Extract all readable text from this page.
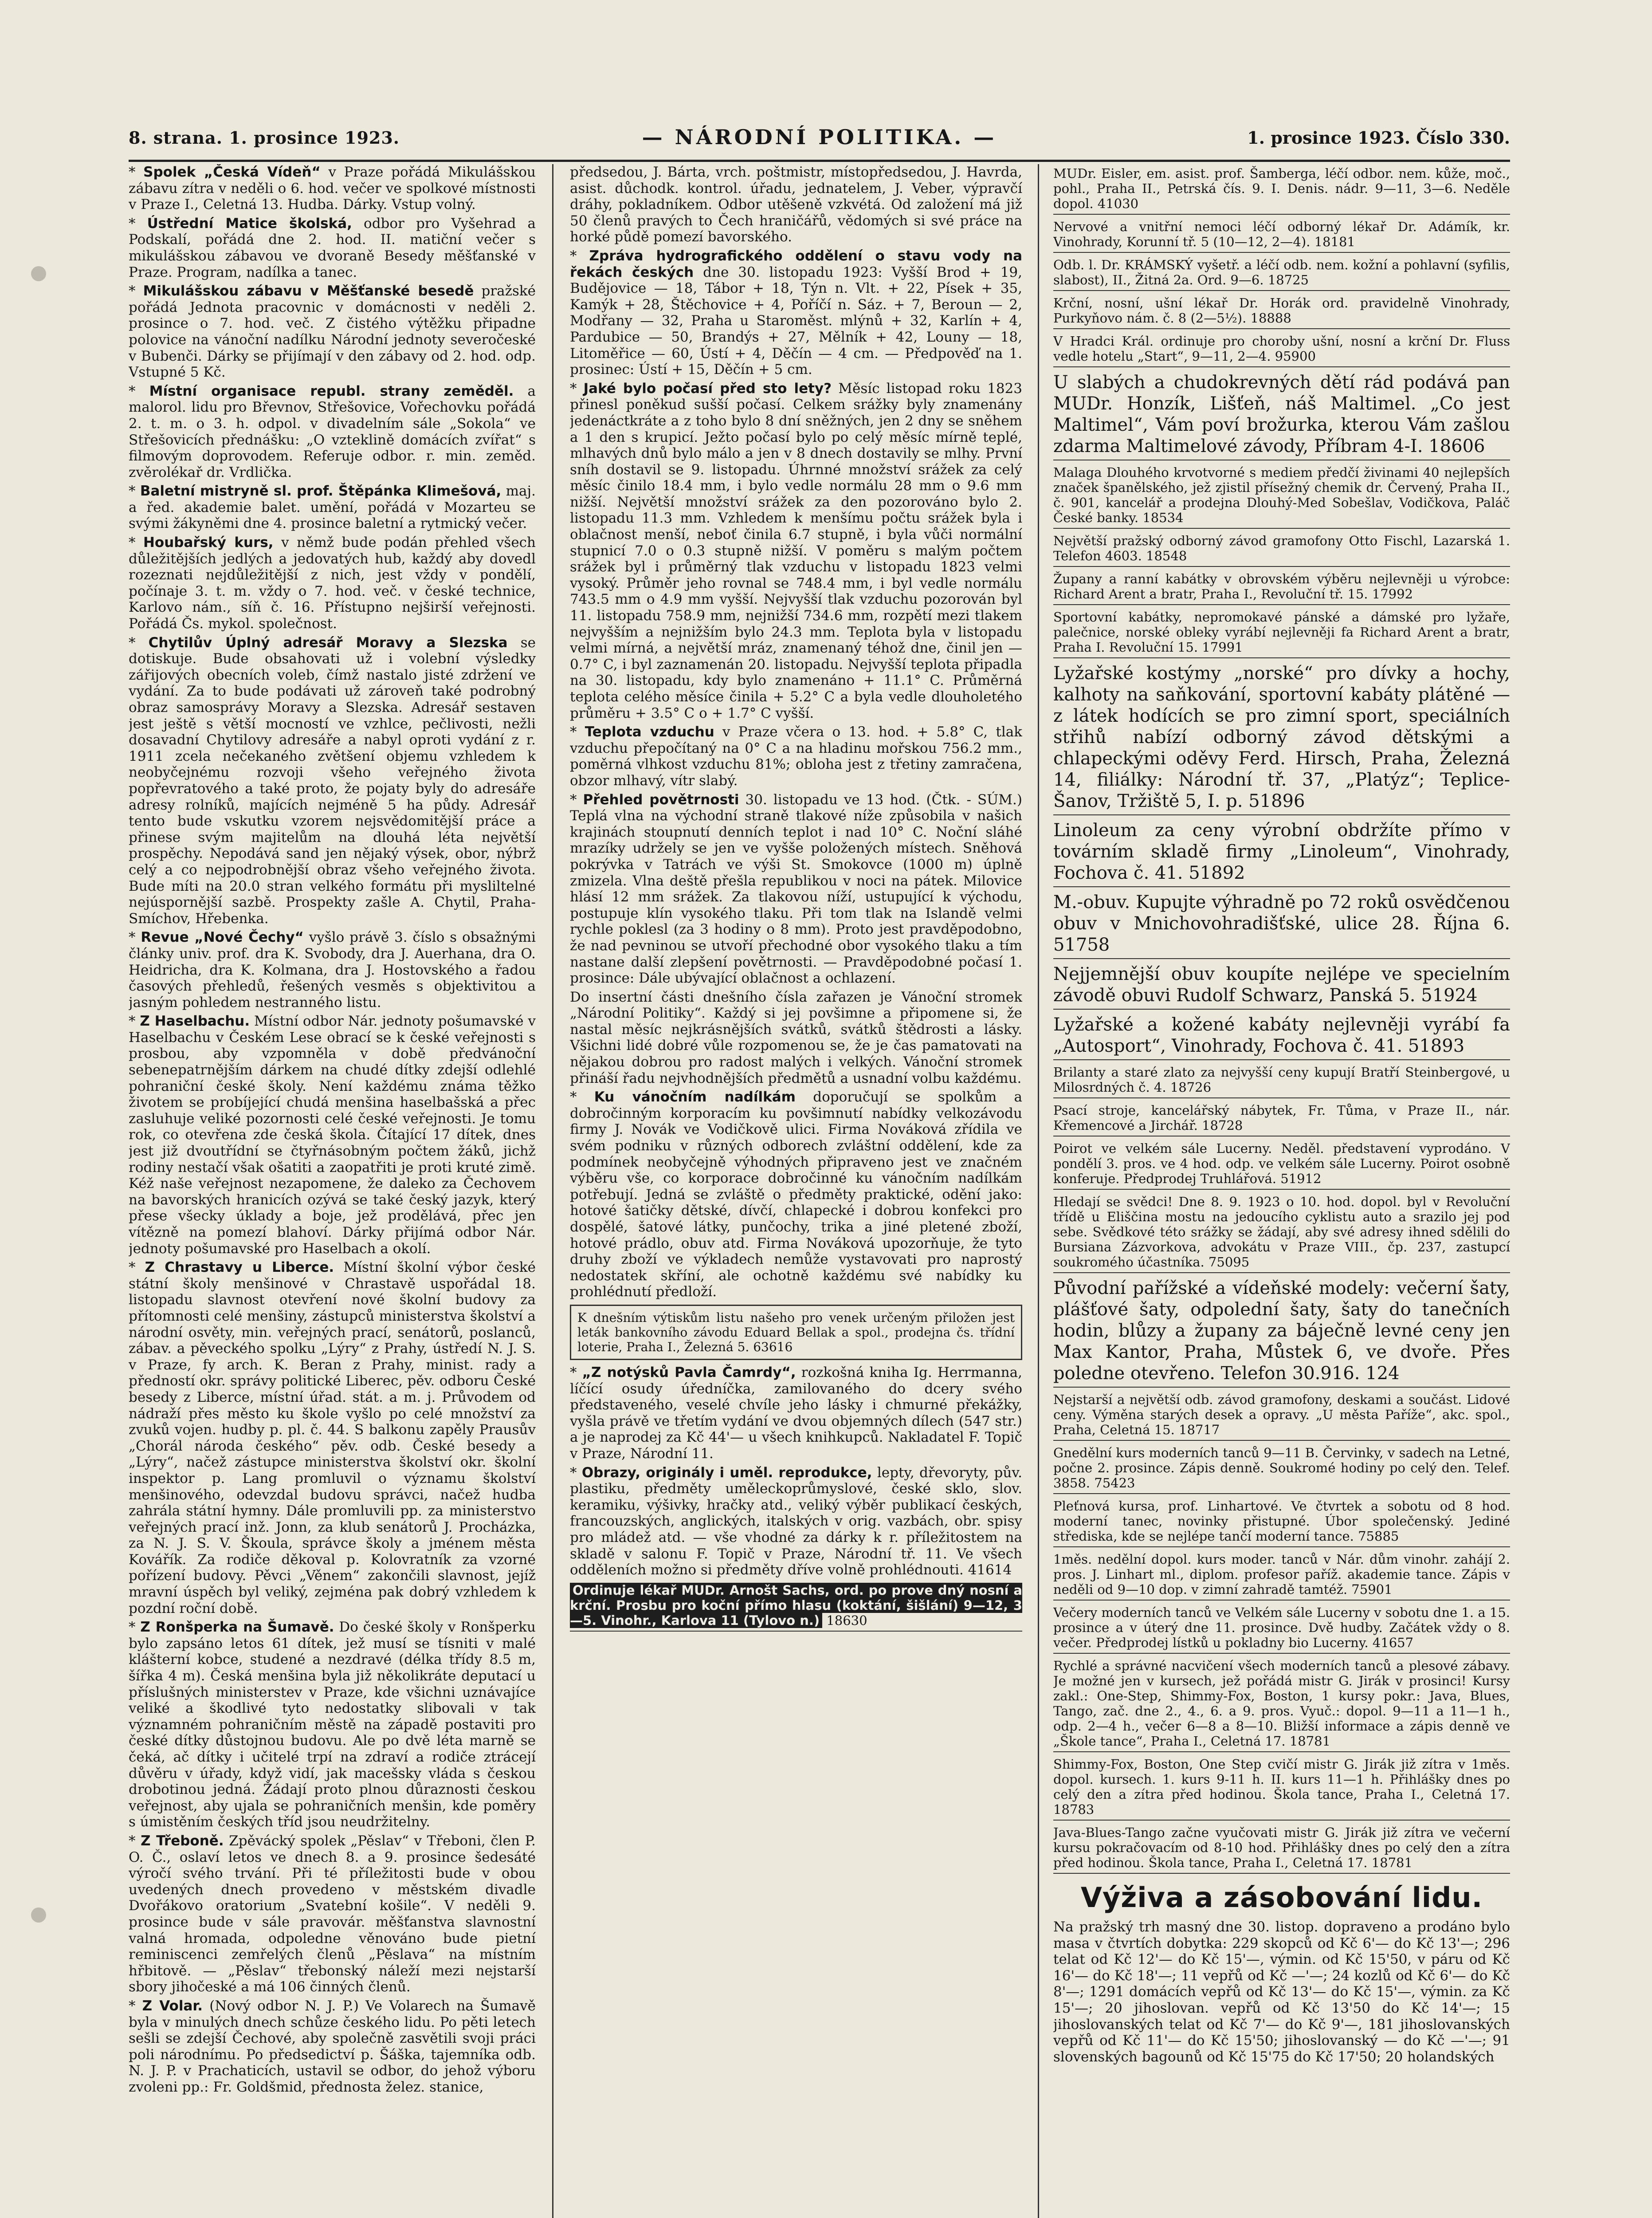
8. strana. 1. prosince 1923.	— NÁRODNÍ POLITIKA. —	1. prosince 1923. Číslo 330.

* Spolek „Česká Vídeň“ v Praze pořádá Mikulášskou zábavu zítra v neděli o 6. hod. večer ve spolkové místnosti v Praze I., Celetná 13. Hudba. Dárky. Vstup volný.

* Ústřední Matice školská, odbor pro Vyšehrad a Podskalí, pořádá dne 2. hod. II. matiční večer s mikulášskou zábavou ve dvoraně Besedy měšťanské v Praze. Program, nadílka a tanec.

* Mikulášskou zábavu v Měšťanské besedě pražské pořádá Jednota pracovnic v domácnosti v neděli 2. prosince o 7. hod. več. Z čistého výtěžku připadne polovice na vánoční nadílku Národní jednoty severočeské v Bubenči. Dárky se přijímají v den zábavy od 2. hod. odp. Vstupné 5 Kč.

* Místní organisace republ. strany zeměděl. a malorol. lidu pro Břevnov, Střešovice, Vořechovku pořádá 2. t. m. o 3. h. odpol. v divadelním sále „Sokola“ ve Střešovicích přednášku: „O vzteklině domácích zvířat“ s filmovým doprovodem. Referuje odbor. r. min. zeměd. zvěrolékař dr. Vrdlička.

* Baletní mistryně sl. prof. Štěpánka Klimešová, maj. a řed. akademie balet. umění, pořádá v Mozarteu se svými žákyněmi dne 4. prosince baletní a rytmický večer.

* Houbařský kurs, v němž bude podán přehled všech důležitějších jedlých a jedovatých hub, každý aby dovedl rozeznati nejdůležitější z nich, jest vždy v pondělí, počínaje 3. t. m. vždy o 7. hod. več. v české technice, Karlovo nám., síň č. 16. Přístupno nejširší veřejnosti. Pořádá Čs. mykol. společnost.

* Chytilův Úplný adresář Moravy a Slezska se dotiskuje. Bude obsahovati už i volební výsledky zářijových obecních voleb, čímž nastalo jisté zdržení ve vydání. Za to bude podávati už zároveň také podrobný obraz samosprávy Moravy a Slezska. Adresář sestaven jest ještě s větší mocností ve vzhlce, pečlivosti, nežli dosavadní Chytilovy adresáře a nabyl oproti vydání z r. 1911 zcela nečekaného zvětšení objemu vzhledem k neobyčejnému rozvoji všeho veřejného života popřevratového a také proto, že pojaty byly do adresáře adresy rolníků, majících nejméně 5 ha půdy. Adresář tento bude vskutku vzorem nejsvědomitější práce a přinese svým majitelům na dlouhá léta největší prospěchy. Nepodává sand jen nějaký výsek, obor, nýbrž celý a co nejpodrobnější obraz všeho veřejného života. Bude míti na 20.0 stran velkého formátu při mysliltelné nejúspornější sazbě. Prospekty zašle A. Chytil, Praha-Smíchov, Hřebenka.

* Revue „Nové Čechy“ vyšlo právě 3. číslo s obsažnými články univ. prof. dra K. Svobody, dra J. Auerhana, dra O. Heidricha, dra K. Kolmana, dra J. Hostovského a řadou časových přehledů, řešených vesměs s objektivitou a jasným pohledem nestranného listu.

* Z Haselbachu. Místní odbor Nár. jednoty pošumavské v Haselbachu v Českém Lese obrací se k české veřejnosti s prosbou, aby vzpomněla v době předvánoční sebenepatrnějším dárkem na chudé dítky zdejší odlehlé pohraniční české školy. Není každému známa těžko životem se probíjející chudá menšina haselbašská a přec zasluhuje veliké pozornosti celé české veřejnosti. Je tomu rok, co otevřena zde česká škola. Čítající 17 dítek, dnes jest již dvoutřídní se čtyřnásobným počtem žáků, jichž rodiny nestačí však ošatiti a zaopatřiti je proti kruté zimě. Kéž naše veřejnost nezapomene, že daleko za Čechovem na bavorských hranicích ozývá se také český jazyk, který přese všecky úklady a boje, jež prodělává, přec jen vítězně na pomezí blahoví. Dárky přijímá odbor Nár. jednoty pošumavské pro Haselbach a okolí.

* Z Chrastavy u Liberce. Místní školní výbor české státní školy menšinové v Chrastavě uspořádal 18. listopadu slavnost otevření nové školní budovy za přítomnosti celé menšiny, zástupců ministerstva školství a národní osvěty, min. veřejných prací, senátorů, poslanců, zábav. a pěveckého spolku „Lýry“ z Prahy, ústředí N. J. S. v Praze, fy arch. K. Beran z Prahy, minist. rady a předností okr. správy politické Liberec, pěv. odboru České besedy z Liberce, místní úřad. stát. a m. j. Průvodem od nádraží přes město ku škole vyšlo po celé množství za zvuků vojen. hudby p. pl. č. 44. S balkonu zapěly Prausův „Chorál národa českého“ pěv. odb. České besedy a „Lýry“, načež zástupce ministerstva školství okr. školní inspektor p. Lang promluvil o významu školství menšinového, odevzdal budovu správci, načež hudba zahrála státní hymny. Dále promluvili pp. za ministerstvo veřejných prací inž. Jonn, za klub senátorů J. Procházka, za N. J. S. V. Škoula, správce školy a jménem města Kovářík. Za rodiče děkoval p. Kolovratník za vzorné pořízení budovy. Pěvci „Věnem“ zakončili slavnost, jejíž mravní úspěch byl veliký, zejména pak dobrý vzhledem k pozdní roční době.

* Z Ronšperka na Šumavě. Do české školy v Ronšperku bylo zapsáno letos 61 dítek, jež musí se tísniti v malé klášterní kobce, studené a nezdravé (délka třídy 8.5 m, šířka 4 m). Česká menšina byla již několikráte deputací u příslušných ministerstev v Praze, kde všichni uznávajíce veliké a škodlivé tyto nedostatky slibovali v tak významném pohraničním městě na západě postaviti pro české dítky důstojnou budovu. Ale po dvě léta marně se čeká, ač dítky i učitelé trpí na zdraví a rodiče ztrácejí důvěru v úřady, když vidí, jak macešsky vláda s českou drobotinou jedná. Žádají proto plnou důraznosti českou veřejnost, aby ujala se pohraničních menšin, kde poměry s úmistěním českých tříd jsou neudržitelny.

* Z Třeboně. Zpěvácký spolek „Pěslav“ v Třeboni, člen P. O. Č., oslaví letos ve dnech 8. a 9. prosince šedesáté výročí svého trvání. Při té příležitosti bude v obou uvedených dnech provedeno v městském divadle Dvořákovo oratorium „Svatební košile“. V neděli 9. prosince bude v sále pravovár. měšťanstva slavnostní valná hromada, odpoledne věnováno bude pietní reminiscenci zemřelých členů „Pěslava“ na místním hřbitově. — „Pěslav“ třebonský náleží mezi nejstarší sbory jihočeské a má 106 činných členů.

* Z Volar. (Nový odbor N. J. P.) Ve Volarech na Šumavě byla v minulých dnech schůze českého lidu. Po pěti letech sešli se zdejší Čechové, aby společně zasvětili svoji práci poli národnímu. Po předsedictví p. Šáška, tajemníka odb. N. J. P. v Prachaticích, ustavil se odbor, do jehož výboru zvoleni pp.: Fr. Goldšmid, přednosta želez. stanice,

předsedou, J. Bárta, vrch. poštmistr, místopředsedou, J. Havrda, asist. důchodk. kontrol. úřadu, jednatelem, J. Veber, výpravčí dráhy, pokladníkem. Odbor utěšeně vzkvétá. Od založení má již 50 členů pravých to Čech hraničářů, vědomých si své práce na horké půdě pomezí bavorského.

* Zpráva hydrografického oddělení o stavu vody na řekách českých dne 30. listopadu 1923: Vyšší Brod + 19, Budějovice — 18, Tábor + 18, Týn n. Vlt. + 22, Písek + 35, Kamýk + 28, Štěchovice + 4, Poříčí n. Sáz. + 7, Beroun — 2, Modřany — 32, Praha u Staroměst. mlýnů + 32, Karlín + 4, Pardubice — 50, Brandýs + 27, Mělník + 42, Louny — 18, Litoměřice — 60, Ústí + 4, Děčín — 4 cm. — Předpověď na 1. prosinec: Ústí + 15, Děčín + 5 cm.

* Jaké bylo počasí před sto lety? Měsíc listopad roku 1823 přinesl poněkud sušší počasí. Celkem srážky byly znamenány jedenáctkráte a z toho bylo 8 dní sněžných, jen 2 dny se sněhem a 1 den s krupicí. Ježto počasí bylo po celý měsíc mírně teplé, mlhavých dnů bylo málo a jen v 8 dnech dostavily se mlhy. První sníh dostavil se 9. listopadu. Úhrnné množství srážek za celý měsíc činilo 18.4 mm, i bylo vedle normálu 28 mm o 9.6 mm nižší. Největší množství srážek za den pozorováno bylo 2. listopadu 11.3 mm. Vzhledem k menšímu počtu srážek byla i oblačnost menší, neboť činila 6.7 stupně, i byla vůči normální stupnicí 7.0 o 0.3 stupně nižší. V poměru s malým počtem srážek byl i průměrný tlak vzduchu v listopadu 1823 velmi vysoký. Průměr jeho rovnal se 748.4 mm, i byl vedle normálu 743.5 mm o 4.9 mm vyšší. Nejvyšší tlak vzduchu pozorován byl 11. listopadu 758.9 mm, nejnižší 734.6 mm, rozpětí mezi tlakem nejvyšším a nejnižším bylo 24.3 mm. Teplota byla v listopadu velmi mírná, a největší mráz, znamenaný téhož dne, činil jen — 0.7° C, i byl zaznamenán 20. listopadu. Nejvyšší teplota připadla na 30. listopadu, kdy bylo znamenáno + 11.1° C. Průměrná teplota celého měsíce činila + 5.2° C a byla vedle dlouholetého průměru + 3.5° C o + 1.7° C vyšší.

* Teplota vzduchu v Praze včera o 13. hod. + 5.8° C, tlak vzduchu přepočítaný na 0° C a na hladinu mořskou 756.2 mm., poměrná vlhkost vzduchu 81%; obloha jest z třetiny zamračena, obzor mlhavý, vítr slabý.

* Přehled povětrnosti 30. listopadu ve 13 hod. (Čtk. - SÚM.) Teplá vlna na východní straně tlakové níže způsobila v našich krajinách stoupnutí denních teplot i nad 10° C. Noční sláhé mrazíky udržely se jen ve vyšše položených místech. Sněhová pokrývka v Tatrách ve výši St. Smokovce (1000 m) úplně zmizela. Vlna deště přešla republikou v noci na pátek. Milovice hlásí 12 mm srážek. Za tlakovou níží, ustupující k východu, postupuje klín vysokého tlaku. Při tom tlak na Islandě velmi rychle poklesl (za 3 hodiny o 8 mm). Proto jest pravděpodobno, že nad pevninou se utvoří přechodné obor vysokého tlaku a tím nastane další zlepšení povětrnosti. — Pravděpodobné počasí 1. prosince: Dále ubývající oblačnost a ochlazení.

Do insertní části dnešního čísla zařazen je Vánoční stromek „Národní Politiky“. Každý si jej povšimne a připomene si, že nastal měsíc nejkrásnějších svátků, svátků štědrosti a lásky. Všichni lidé dobré vůle rozpomenou se, že je čas pamatovati na nějakou dobrou pro radost malých i velkých. Vánoční stromek přináší řadu nejvhodnějších předmětů a usnadní volbu každému.

* Ku vánočním nadílkám doporučují se spolkům a dobročinným korporacím ku povšimnutí nabídky velkozávodu firmy J. Novák ve Vodičkově ulici. Firma Nováková zřídila ve svém podniku v různých odborech zvláštní oddělení, kde za podmínek neobyčejně výhodných připraveno jest ve značném výběru vše, co korporace dobročinné ku vánočním nadílkám potřebují. Jedná se zvláště o předměty praktické, odění jako: hotové šatičky dětské, dívčí, chlapecké i dobrou konfekci pro dospělé, šatové látky, punčochy, trika a jiné pletené zboží, hotové prádlo, obuv atd. Firma Nováková upozorňuje, že tyto druhy zboží ve výkladech nemůže vystavovati pro naprostý nedostatek skříní, ale ochotně každému své nabídky ku prohlédnutí předloží.

K dnešním výtiskům listu našeho pro venek určeným přiložen jest leták bankovního závodu Eduard Bellak a spol., prodejna čs. třídní loterie, Praha I., Železná 5. 63616

* „Z notýsků Pavla Čamrdy“, rozkošná kniha Ig. Herrmanna, líčící osudy úředníčka, zamilovaného do dcery svého představeného, veselé chvíle jeho lásky i chmurné překážky, vyšla právě ve třetím vydání ve dvou objemných dílech (547 str.) a je naprodej za Kč 44'— u všech knihkupců. Nakladatel F. Topič v Praze, Národní 11.

* Obrazy, originály i uměl. reprodukce, lepty, dřevoryty, pův. plastiku, předměty uměleckoprůmyslové, české sklo, slov. keramiku, výšivky, hračky atd., veliký výběr publikací českých, francouzských, anglických, italských v orig. vazbách, obr. spisy pro mládež atd. — vše vhodné za dárky k r. příležitostem na skladě v salonu F. Topič v Praze, Národní tř. 11. Ve všech odděleních možno si předměty dříve volně prohlédnouti. 41614

Ordinuje lékař MUDr. Arnošt Sachs, ord. po prove dný nosní a krční. Prosbu pro koční přímo hlasu (koktání, šišlání) 9—12, 3—5. Vinohr., Karlova 11 (Tylovo n.) 18630
MUDr. Eisler, em. asist. prof. Šamberga, léčí odbor. nem. kůže, moč., pohl., Praha II., Petrská čís. 9. I. Denis. nádr. 9—11, 3—6. Neděle dopol. 41030
Nervové a vnitřní nemoci léčí odborný lékař Dr. Adámík, kr. Vinohrady, Korunní tř. 5 (10—12, 2—4). 18181
Odb. l. Dr. KRÁMSKÝ vyšetř. a léčí odb. nem. kožní a pohlavní (syfilis, slabost), II., Žitná 2a. Ord. 9—6. 18725
Krční, nosní, ušní lékař Dr. Horák ord. pravidelně Vinohrady, Purkyňovo nám. č. 8 (2—5½). 18888
V Hradci Král. ordinuje pro choroby ušní, nosní a krční Dr. Fluss vedle hotelu „Start“, 9—11, 2—4. 95900
U slabých a chudokrevných dětí rád podává pan MUDr. Honzík, Lišťeň, náš Maltimel. „Co jest Maltimel“, Vám poví brožurka, kterou Vám zašlou zdarma Maltimelové závody, Příbram 4-I. 18606
Malaga Dlouhého krvotvorné s mediem předčí živinami 40 nejlepších značek španělského, jež zjistil přísežný chemik dr. Červený, Praha II., č. 901, kancelář a prodejna Dlouhý-Med Sobešlav, Vodičkova, Paláč České banky. 18534
Největší pražský odborný závod gramofony Otto Fischl, Lazarská 1. Telefon 4603. 18548
Župany a ranní kabátky v obrovském výběru nejlevněji u výrobce: Richard Arent a bratr, Praha I., Revoluční tř. 15. 17992
Sportovní kabátky, nepromokavé pánské a dámské pro lyžaře, palečnice, norské obleky vyrábí nejlevněji fa Richard Arent a bratr, Praha I. Revoluční 15. 17991
Lyžařské kostýmy „norské“ pro dívky a hochy, kalhoty na saňkování, sportovní kabáty plátěné — z látek hodících se pro zimní sport, speciálních střihů nabízí odborný závod dětskými a chlapeckými oděvy Ferd. Hirsch, Praha, Železná 14, filiálky: Národní tř. 37, „Platýz“; Teplice-Šanov, Tržiště 5, I. p. 51896
Linoleum za ceny výrobní obdržíte přímo v továrním skladě firmy „Linoleum“, Vinohrady, Fochova č. 41. 51892
M.-obuv. Kupujte výhradně po 72 roků osvědčenou obuv v Mnichovohradišťské, ulice 28. Října 6. 51758
Nejjemnější obuv koupíte nejlépe ve specielním závodě obuvi Rudolf Schwarz, Panská 5. 51924
Lyžařské a kožené kabáty nejlevněji vyrábí fa „Autosport“, Vinohrady, Fochova č. 41. 51893
Brilanty a staré zlato za nejvyšší ceny kupují Bratří Steinbergové, u Milosrdných č. 4. 18726
Psací stroje, kancelářský nábytek, Fr. Tůma, v Praze II., nár. Křemencové a Jirchář. 18728
Poirot ve velkém sále Lucerny. Neděl. představení vyprodáno. V pondělí 3. pros. ve 4 hod. odp. ve velkém sále Lucerny. Poirot osobně konferuje. Předprodej Truhlářová. 51912
Hledají se svědci! Dne 8. 9. 1923 o 10. hod. dopol. byl v Revoluční třídě u Eliščina mostu na jedoucího cyklistu auto a srazilo jej pod sebe. Svědkové této srážky se žádají, aby své adresy ihned sdělili do Bursiana Zázvorkova, advokátu v Praze VIII., čp. 237, zastupcí soukromého účastníka. 75095
Původní pařížské a vídeňské modely: večerní šaty, plášťové šaty, odpolední šaty, šaty do tanečních hodin, blůzy a župany za báječně levné ceny jen Max Kantor, Praha, Můstek 6, ve dvoře. Přes poledne otevřeno. Telefon 30.916. 124
Nejstarší a největší odb. závod gramofony, deskami a součást. Lidové ceny. Výměna starých desek a opravy. „U města Paříže“, akc. spol., Praha, Celetná 15. 18717
Gnedělní kurs moderních tanců 9—11 B. Červinky, v sadech na Letné, počne 2. prosince. Zápis denně. Soukromé hodiny po celý den. Telef. 3858. 75423
Pleťnová kursa, prof. Linhartové. Ve čtvrtek a sobotu od 8 hod. moderní tanec, novinky přistupné. Úbor společenský. Jediné střediska, kde se nejlépe tančí moderní tance. 75885
1měs. nedělní dopol. kurs moder. tanců v Nár. dům vinohr. zahájí 2. pros. J. Linhart ml., diplom. profesor paříž. akademie tance. Zápis v neděli od 9—10 dop. v zimní zahradě tamtéž. 75901
Večery moderních tanců ve Velkém sále Lucerny v sobotu dne 1. a 15. prosince a v úterý dne 11. prosince. Dvě hudby. Začátek vždy o 8. večer. Předprodej lístků u pokladny bio Lucerny. 41657
Rychlé a správné nacvičení všech moderních tanců a plesové zábavy. Je možné jen v kursech, jež pořádá mistr G. Jirák v prosinci! Kursy zakl.: One-Step, Shimmy-Fox, Boston, 1 kursy pokr.: Java, Blues, Tango, zač. dne 2., 4., 6. a 9. pros. Vyuč.: dopol. 9—11 a 11—1 h., odp. 2—4 h., večer 6—8 a 8—10. Bližší informace a zápis denně ve „Škole tance“, Praha I., Celetná 17. 18781
Shimmy-Fox, Boston, One Step cvičí mistr G. Jirák již zítra v 1měs. dopol. kursech. 1. kurs 9-11 h. II. kurs 11—1 h. Přihlášky dnes po celý den a zítra před hodinou. Škola tance, Praha I., Celetná 17. 18783
Java-Blues-Tango začne vyučovati mistr G. Jirák již zítra ve večerní kursu pokračovacím od 8-10 hod. Přihlášky dnes po celý den a zítra před hodinou. Škola tance, Praha I., Celetná 17. 18781
Výživa a zásobování lidu.

Na pražský trh masný dne 30. listop. dopraveno a prodáno bylo masa v čtvrtích dobytka: 229 skopců od Kč 6'— do Kč 13'—; 296 telat od Kč 12'— do Kč 15'—, výmin. od Kč 15'50, v páru od Kč 16'— do Kč 18'—; 11 vepřů od Kč —'—; 24 kozlů od Kč 6'— do Kč 8'—; 1291 domácích vepřů od Kč 13'— do Kč 15'—, výmin. za Kč 15'—; 20 jihoslovan. vepřů od Kč 13'50 do Kč 14'—; 15 jihoslovanských telat od Kč 7'— do Kč 9'—, 181 jihoslovanských vepřů od Kč 11'— do Kč 15'50; jihoslovanský — do Kč —'—; 91 slovenských bagounů od Kč 15'75 do Kč 17'50; 20 holandských
